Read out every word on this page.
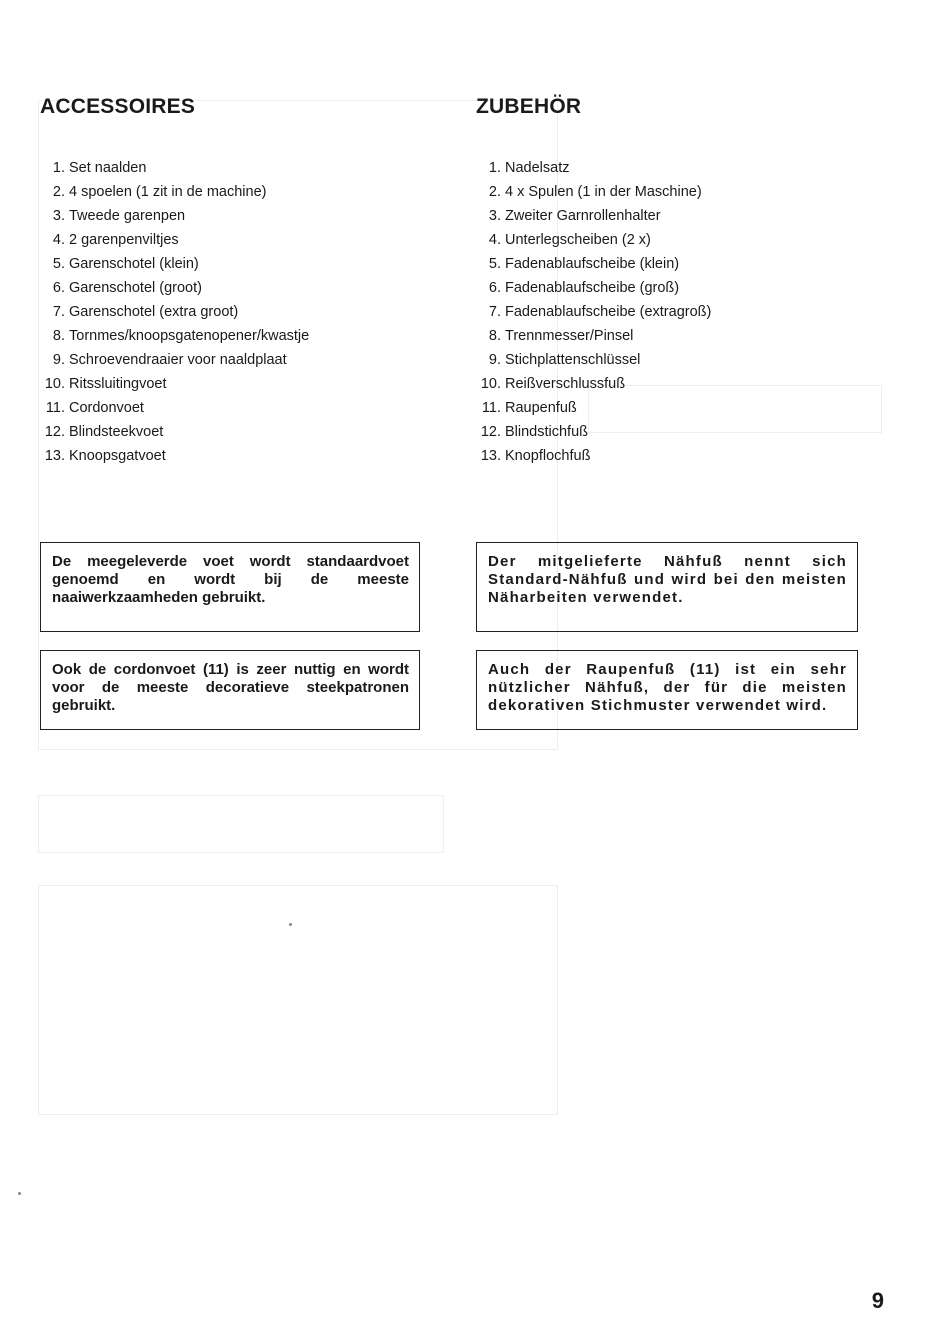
ACCESSOIRES
1. Set naalden
2. 4 spoelen (1 zit in de machine)
3. Tweede garenpen
4. 2 garenpenviltjes
5. Garenschotel (klein)
6. Garenschotel (groot)
7. Garenschotel (extra groot)
8. Tornmes/knoopsgatenopener/kwastje
9. Schroevendraaier voor naaldplaat
10. Ritssluitingvoet
11. Cordonvoet
12. Blindsteekvoet
13. Knoopsgatvoet
De meegeleverde voet wordt standaardvoet genoemd en wordt bij de meeste naaiwerkzaamheden gebruikt.
Ook de cordonvoet (11) is zeer nuttig en wordt voor de meeste decoratieve steekpatronen gebruikt.
ZUBEHÖR
1. Nadelsatz
2. 4 x Spulen (1 in der Maschine)
3. Zweiter Garnrollenhalter
4. Unterlegscheiben (2 x)
5. Fadenablaufscheibe (klein)
6. Fadenablaufscheibe (groß)
7. Fadenablaufscheibe (extragroß)
8. Trennmesser/Pinsel
9. Stichplattenschlüssel
10. Reißverschlussfuß
11. Raupenfuß
12. Blindstichfuß
13. Knopflochfuß
Der mitgelieferte Nähfuß nennt sich Standard-Nähfuß und wird bei den meisten Näharbeiten verwendet.
Auch der Raupenfuß (11) ist ein sehr nützlicher Nähfuß, der für die meisten dekorativen Stichmuster verwendet wird.
9
